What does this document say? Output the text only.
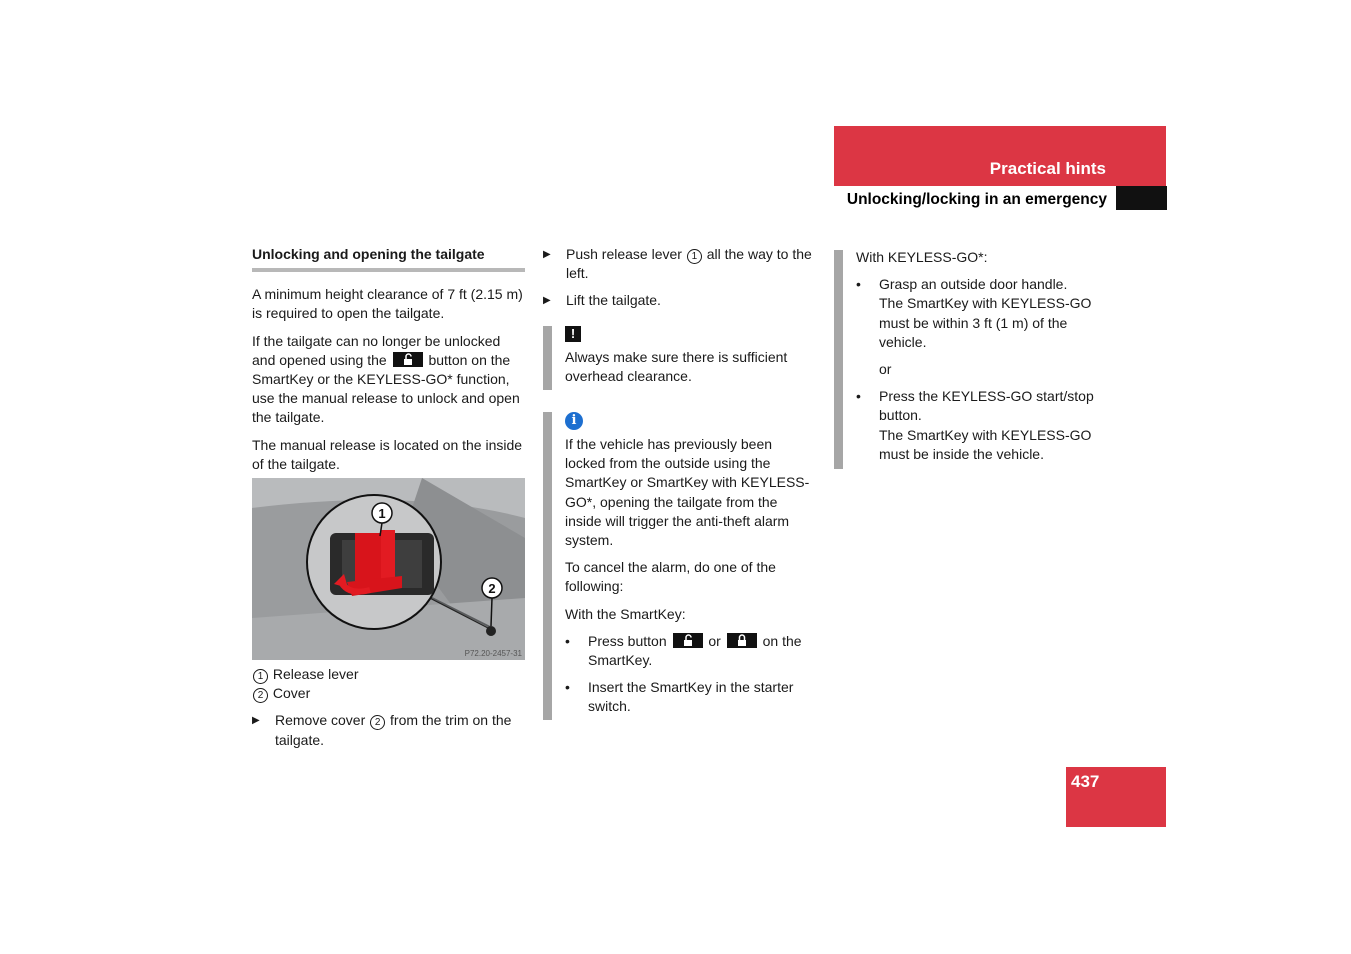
Practical hints
Unlocking/locking in an emergency

Unlocking and opening the tailgate

A minimum height clearance of 7 ft (2.15 m) is required to open the tailgate.

If the tailgate can no longer be unlocked and opened using the	button on the SmartKey or the KEYLESS-GO* function, use the manual release to unlock and open the tailgate.

The manual release is located on the inside of the tailgate.

1
2
P72.20-2457-31

1 Release lever

2 Cover

▶ Remove cover 2 from the trim on the tailgate.
▶ Push release lever 1 all the way to the left.
▶ Lift the tailgate.
!

Always make sure there is sufficient overhead clearance.

i

If the vehicle has previously been locked from the outside using the SmartKey or SmartKey with KEYLESS-GO*, opening the tailgate from the inside will trigger the anti-theft alarm system.

To cancel the alarm, do one of the following:

With the SmartKey:

• Press button	or	on the SmartKey.
• Insert the SmartKey in the starter switch.

With KEYLESS-GO*:

• Grasp an outside door handle.
The SmartKey with KEYLESS-GO must be within 3 ft (1 m) of the vehicle.

or

• Press the KEYLESS-GO start/stop button.
The SmartKey with KEYLESS-GO must be inside the vehicle.
437
